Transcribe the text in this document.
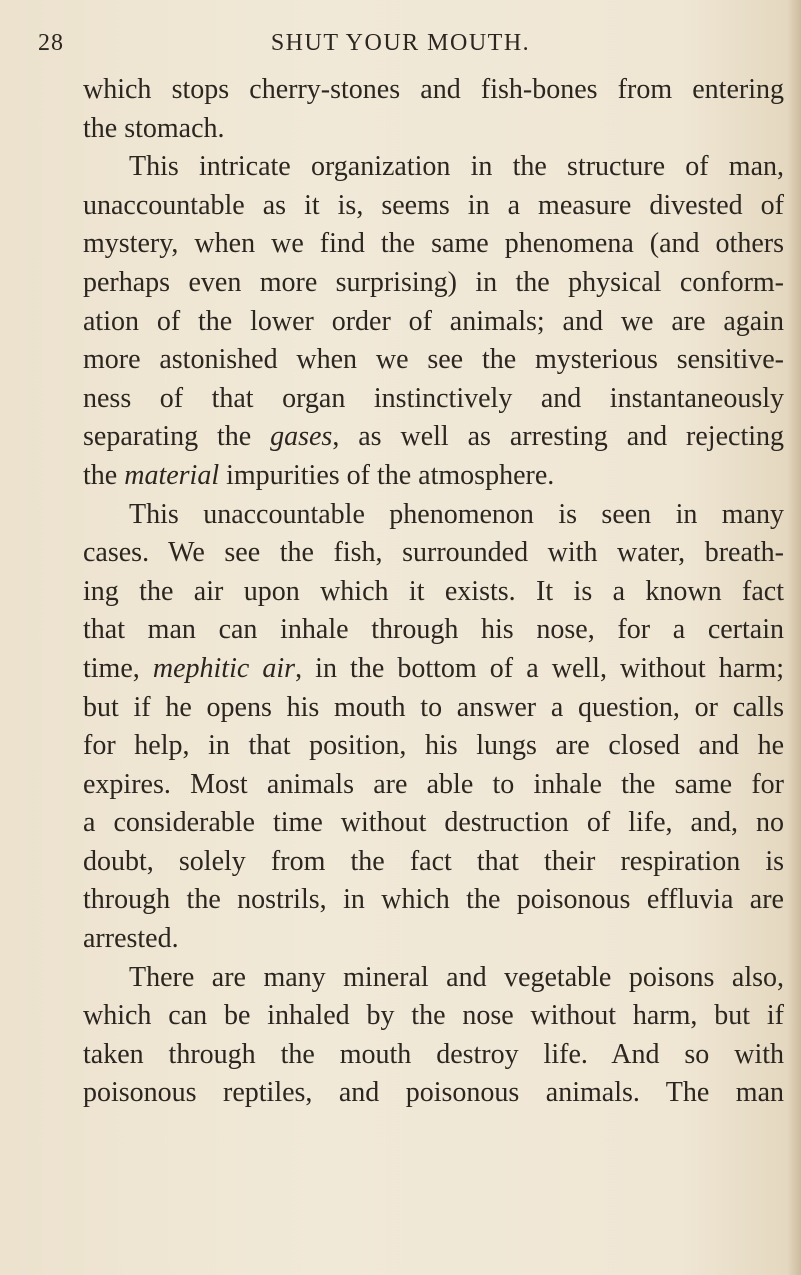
28	SHUT YOUR MOUTH.
which stops cherry-stones and fish-bones from entering
the stomach.
This intricate organization in the structure of man,
unaccountable as it is, seems in a measure divested of
mystery, when we find the same phenomena (and others
perhaps even more surprising) in the physical conform-
ation of the lower order of animals; and we are again
more astonished when we see the mysterious sensitive-
ness of that organ instinctively and instantaneously
separating the gases, as well as arresting and rejecting
the material impurities of the atmosphere.
This unaccountable phenomenon is seen in many
cases. We see the fish, surrounded with water, breath-
ing the air upon which it exists. It is a known fact
that man can inhale through his nose, for a certain
time, mephitic air, in the bottom of a well, without harm;
but if he opens his mouth to answer a question, or calls
for help, in that position, his lungs are closed and he
expires. Most animals are able to inhale the same for
a considerable time without destruction of life, and, no
doubt, solely from the fact that their respiration is
through the nostrils, in which the poisonous effluvia are
arrested.
There are many mineral and vegetable poisons also,
which can be inhaled by the nose without harm, but if
taken through the mouth destroy life. And so with
poisonous reptiles, and poisonous animals. The man
